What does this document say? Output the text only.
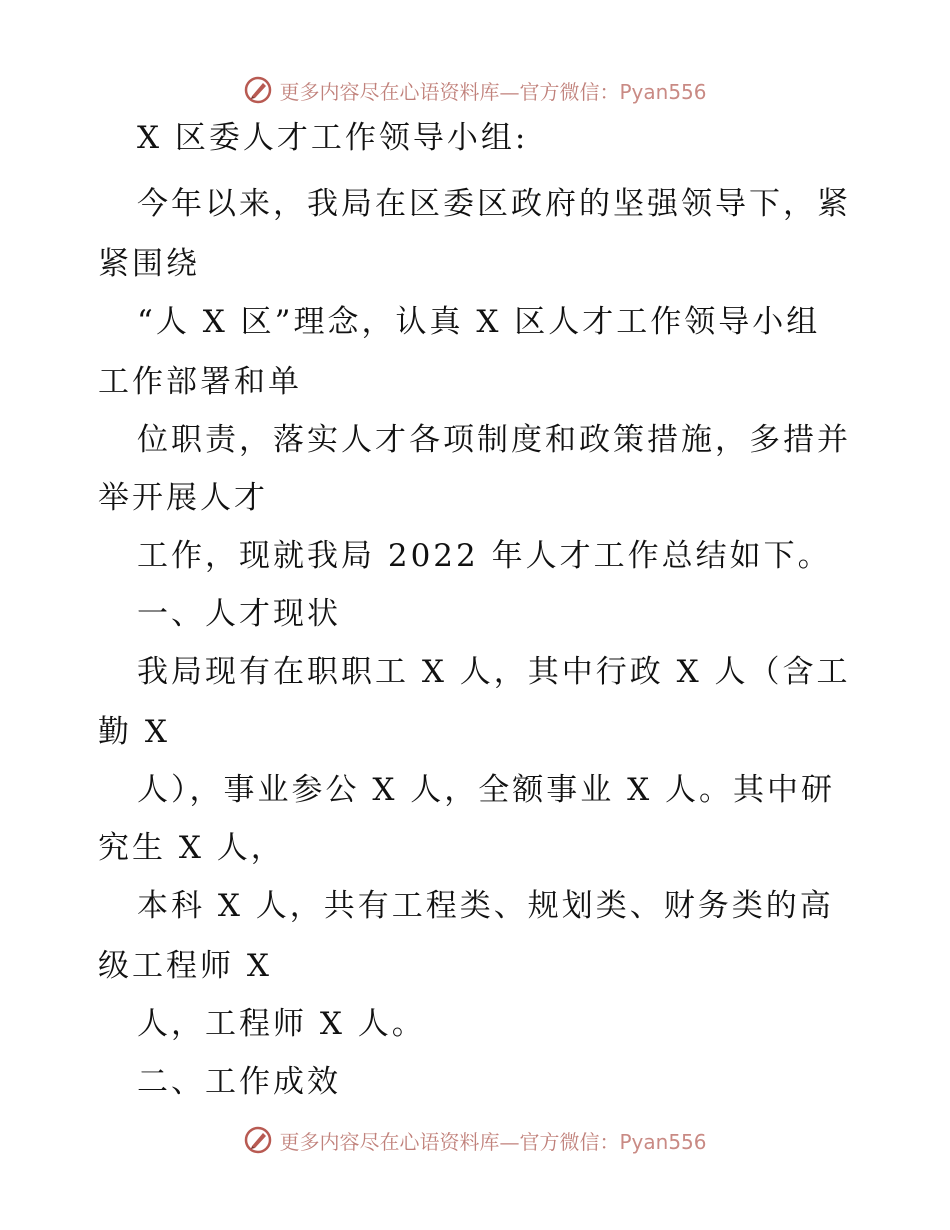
更多内容尽在心语资料库—官方微信：Pyan556
X 区委人才工作领导小组:
今年以来，我局在区委区政府的坚强领导下，紧
紧围绕
“人 X 区”理念，认真 X 区人才工作领导小组
工作部署和单
位职责，落实人才各项制度和政策措施，多措并
举开展人才
工作，现就我局 2022 年人才工作总结如下。
一、人才现状
我局现有在职职工 X 人，其中行政 X 人（含工
勤 X
人），事业参公 X 人，全额事业 X 人。其中研
究生 X 人，
本科 X 人，共有工程类、规划类、财务类的高
级工程师 X
人，工程师 X 人。
二、工作成效
更多内容尽在心语资料库—官方微信：Pyan556
